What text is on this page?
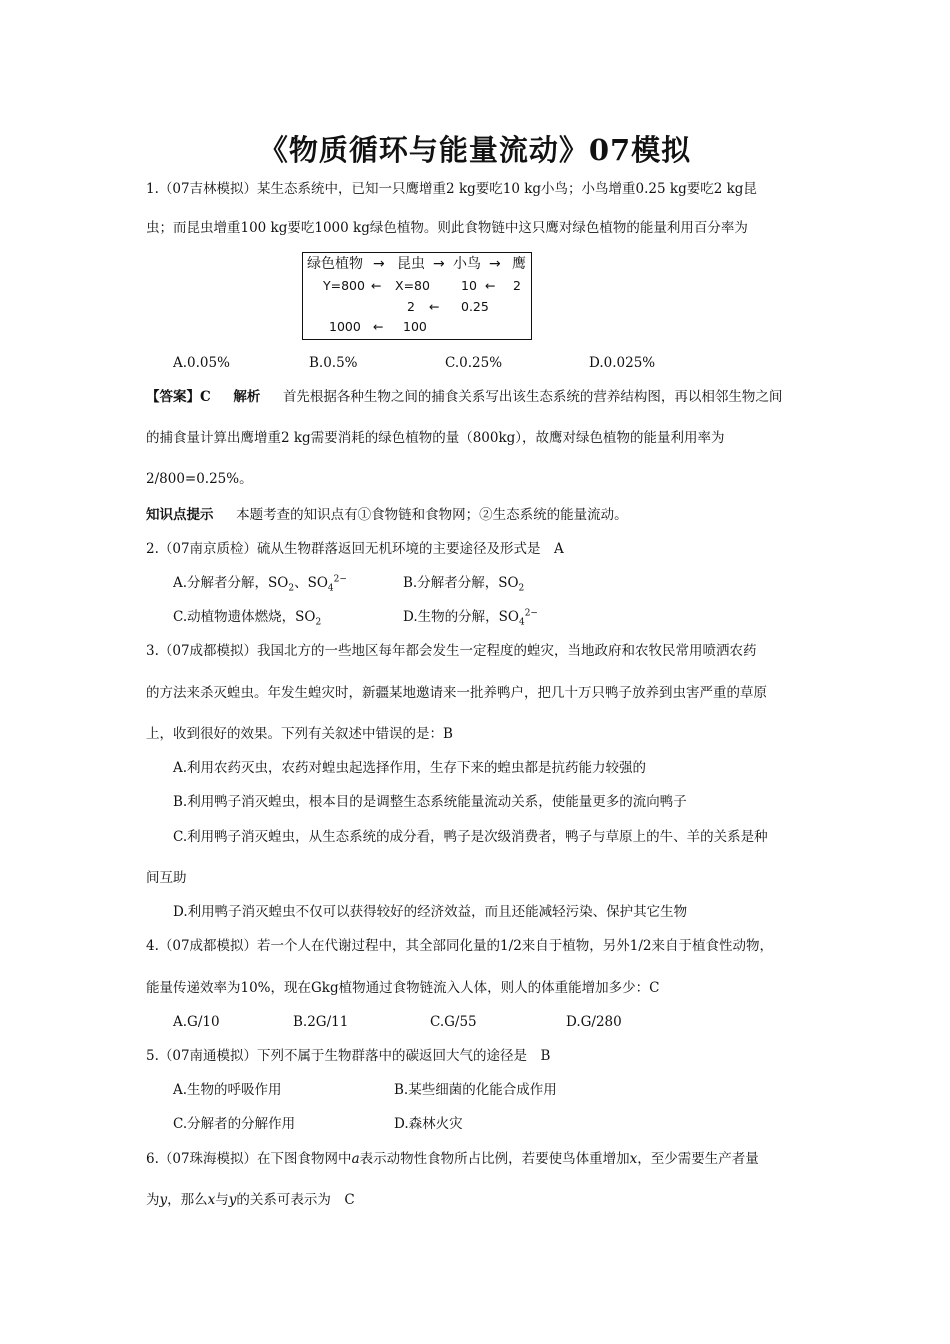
《物质循环与能量流动》07模拟
1.（07吉林模拟）某生态系统中，已知一只鹰增重2 kg要吃10 kg小鸟；小鸟增重0.25 kg要吃2 kg昆
虫；而昆虫增重100 kg要吃1000 kg绿色植物。则此食物链中这只鹰对绿色植物的能量利用百分率为
绿色植物 → 昆虫 → 小鸟 → 鹰
Y=800 ← X=80 10 ← 2
2 ← 0.25
1000 ← 100
A.0.05%	B.0.5%	C.0.25%	D.0.025%
【答案】C 解析 首先根据各种生物之间的捕食关系写出该生态系统的营养结构图，再以相邻生物之间
的捕食量计算出鹰增重2 kg需要消耗的绿色植物的量（800kg），故鹰对绿色植物的能量利用率为
2/800=0.25%。
知识点提示 本题考查的知识点有①食物链和食物网；②生态系统的能量流动。
2.（07南京质检）硫从生物群落返回无机环境的主要途径及形式是　A
A.分解者分解，$SO_2$、$SO_4^{2-}$	B.分解者分解，$SO_2$
C.动植物遗体燃烧，$SO_2$	D.生物的分解，$SO_4^{2-}$
3.（07成都模拟）我国北方的一些地区每年都会发生一定程度的蝗灾，当地政府和农牧民常用喷洒农药
的方法来杀灭蝗虫。年发生蝗灾时，新疆某地邀请来一批养鸭户，把几十万只鸭子放养到虫害严重的草原
上，收到很好的效果。下列有关叙述中错误的是：B
A.利用农药灭虫，农药对蝗虫起选择作用，生存下来的蝗虫都是抗药能力较强的
B.利用鸭子消灭蝗虫，根本目的是调整生态系统能量流动关系，使能量更多的流向鸭子
C.利用鸭子消灭蝗虫，从生态系统的成分看，鸭子是次级消费者，鸭子与草原上的牛、羊的关系是种
间互助
D.利用鸭子消灭蝗虫不仅可以获得较好的经济效益，而且还能减轻污染、保护其它生物
4.（07成都模拟）若一个人在代谢过程中，其全部同化量的1/2来自于植物，另外1/2来自于植食性动物，
能量传递效率为10%，现在Gkg植物通过食物链流入人体，则人的体重能增加多少：C
A.G/10	B.2G/11	C.G/55	D.G/280
5.（07南通模拟）下列不属于生物群落中的碳返回大气的途径是　B
A.生物的呼吸作用	B.某些细菌的化能合成作用
C.分解者的分解作用	D.森林火灾
6.（07珠海模拟）在下图食物网中a表示动物性食物所占比例，若要使鸟体重增加x，至少需要生产者量
为y，那么x与y的关系可表示为　C
